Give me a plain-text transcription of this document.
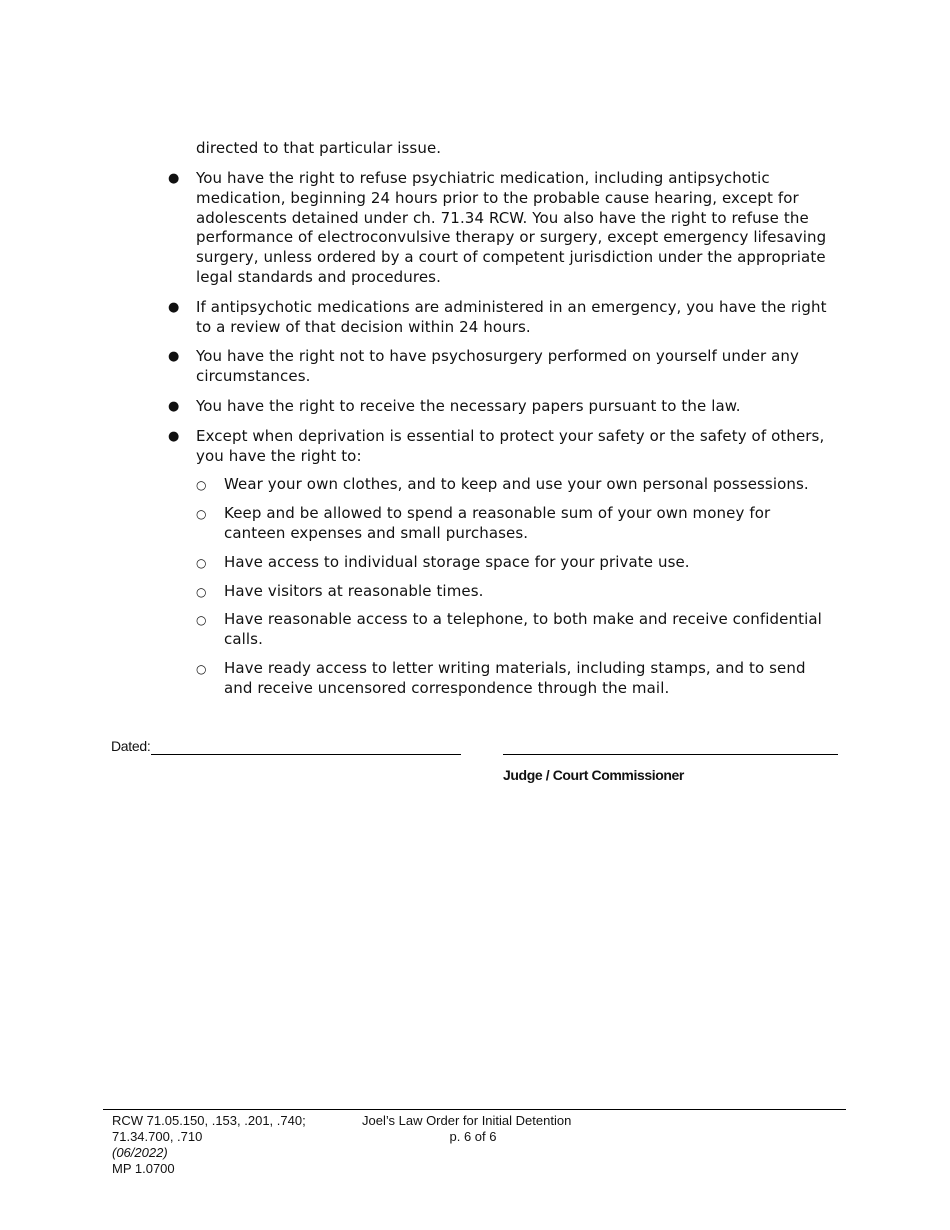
directed to that particular issue.
● You have the right to refuse psychiatric medication, including antipsychotic medication, beginning 24 hours prior to the probable cause hearing, except for adolescents detained under ch. 71.34 RCW. You also have the right to refuse the performance of electroconvulsive therapy or surgery, except emergency lifesaving surgery, unless ordered by a court of competent jurisdiction under the appropriate legal standards and procedures.
● If antipsychotic medications are administered in an emergency, you have the right to a review of that decision within 24 hours.
● You have the right not to have psychosurgery performed on yourself under any circumstances.
● You have the right to receive the necessary papers pursuant to the law.
● Except when deprivation is essential to protect your safety or the safety of others, you have the right to:
○ Wear your own clothes, and to keep and use your own personal possessions.
○ Keep and be allowed to spend a reasonable sum of your own money for canteen expenses and small purchases.
○ Have access to individual storage space for your private use.
○ Have visitors at reasonable times.
○ Have reasonable access to a telephone, to both make and receive confidential calls.
○ Have ready access to letter writing materials, including stamps, and to send and receive uncensored correspondence through the mail.
Dated:
Judge / Court Commissioner
RCW 71.05.150, .153, .201, .740;
71.34.700, .710
(06/2022)
MP 1.0700
Joel’s Law Order for Initial Detention
p. 6 of 6
